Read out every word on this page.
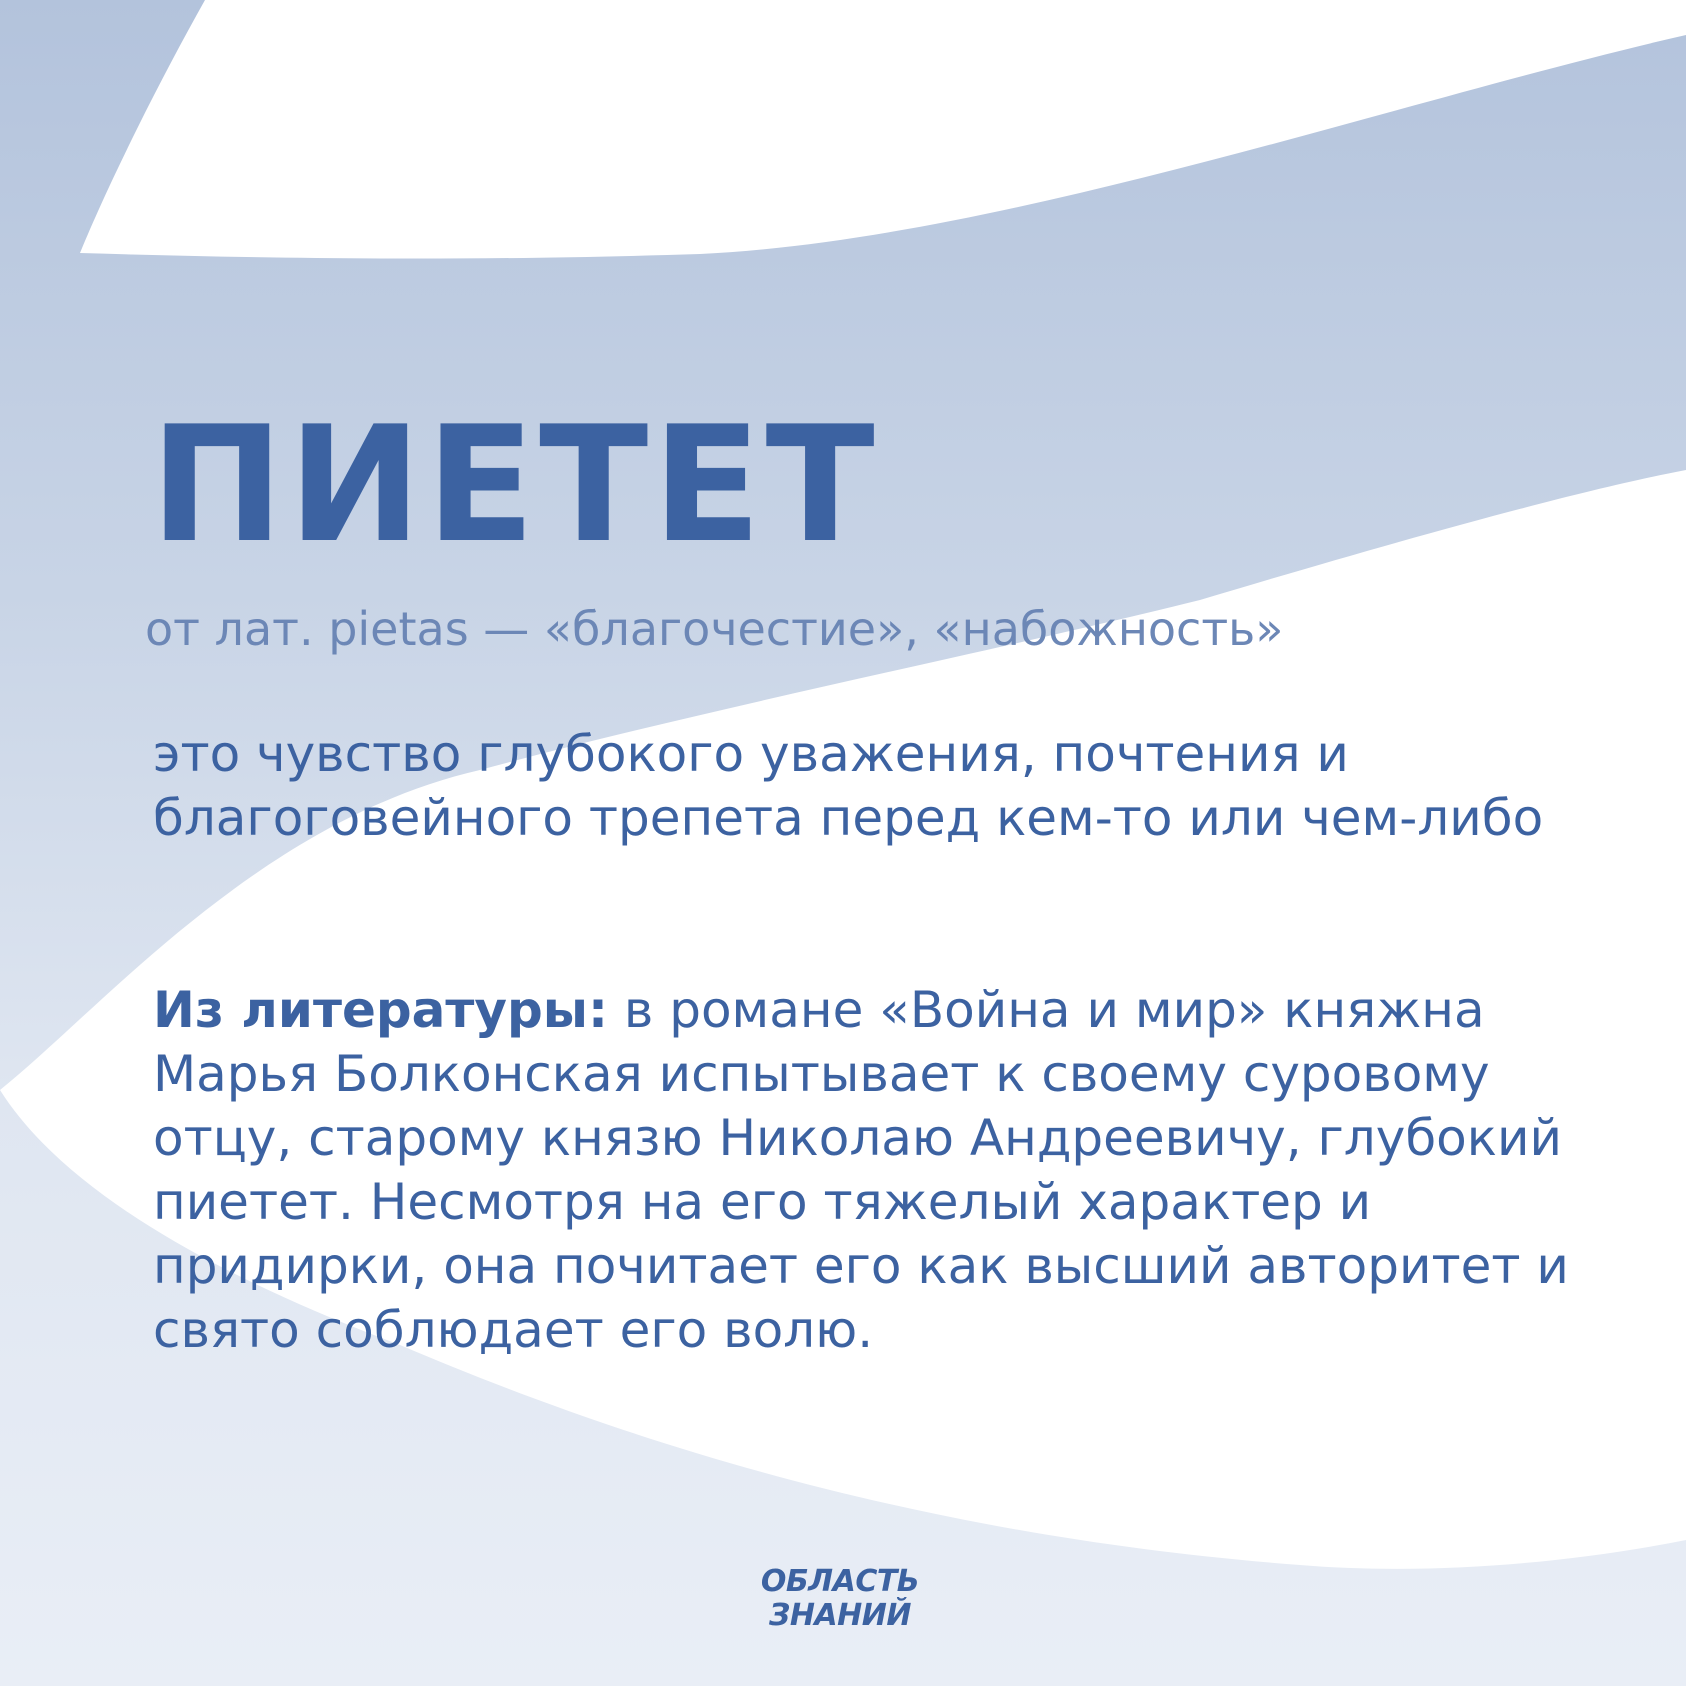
ПИЕТЕТ

от лат. pietas — «благочестие», «набожность»

это чувство глубокого уважения, почтения и благоговейного трепета перед кем-то или чем-либо

Из литературы: в романе «Война и мир» княжна Марья Болконская испытывает к своему суровому отцу, старому князю Николаю Андреевичу, глубокий пиетет. Несмотря на его тяжелый характер и придирки, она почитает его как высший авторитет и свято соблюдает его волю.

ОБЛАСТЬ
ЗНАНИЙ
